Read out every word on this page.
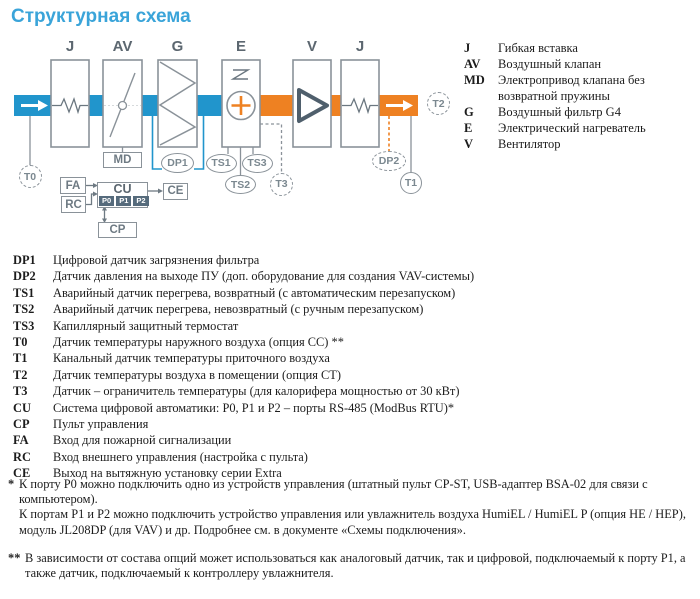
Структурная схема
J	AV	G	E	V	J
T0
DP1	TS1	TS3
TS2	T3
DP2
T1
T2
MD
FA
RC
CE
CP
CU
P0	P1	P2
J	Гибкая вставка
AV	Воздушный клапан
MD	Электропривод клапана без возвратной пружины
G	Воздушный фильтр G4
E	Электрический нагреватель
V	Вентилятор
DP1	Цифровой датчик загрязнения фильтра
DP2	Датчик давления на выходе ПУ (доп. оборудование для создания VAV-системы)
TS1	Аварийный датчик перегрева, возвратный (с автоматическим перезапуском)
TS2	Аварийный датчик перегрева, невозвратный (с ручным перезапуском)
TS3	Капиллярный защитный термостат
T0	Датчик температуры наружного воздуха (опция CC) **
T1	Канальный датчик температуры приточного воздуха
T2	Датчик температуры воздуха в помещении (опция CT)
T3	Датчик – ограничитель температуры (для калорифера мощностью от 30 кВт)
CU	Система цифровой автоматики: P0, P1 и P2 – порты RS-485 (ModBus RTU)*
CP	Пульт управления
FA	Вход для пожарной сигнализации
RC	Вход внешнего управления (настройка с пульта)
CE	Выход на вытяжную установку серии Extra
* К порту P0 можно подключить одно из устройств управления (штатный пульт CP-ST, USB-адаптер BSA-02 для связи с компьютером).

К портам P1 и P2 можно подключить устройство управления или увлажнитель воздуха HumiEL / HumiEL P (опция HE / HEP), модуль JL208DP (для VAV) и др. Подробнее см. в документе «Схемы подключения».

** В зависимости от состава опций может использоваться как аналоговый датчик, так и цифровой, подключаемый к порту P1, а также датчик, подключаемый к контроллеру увлажнителя.
